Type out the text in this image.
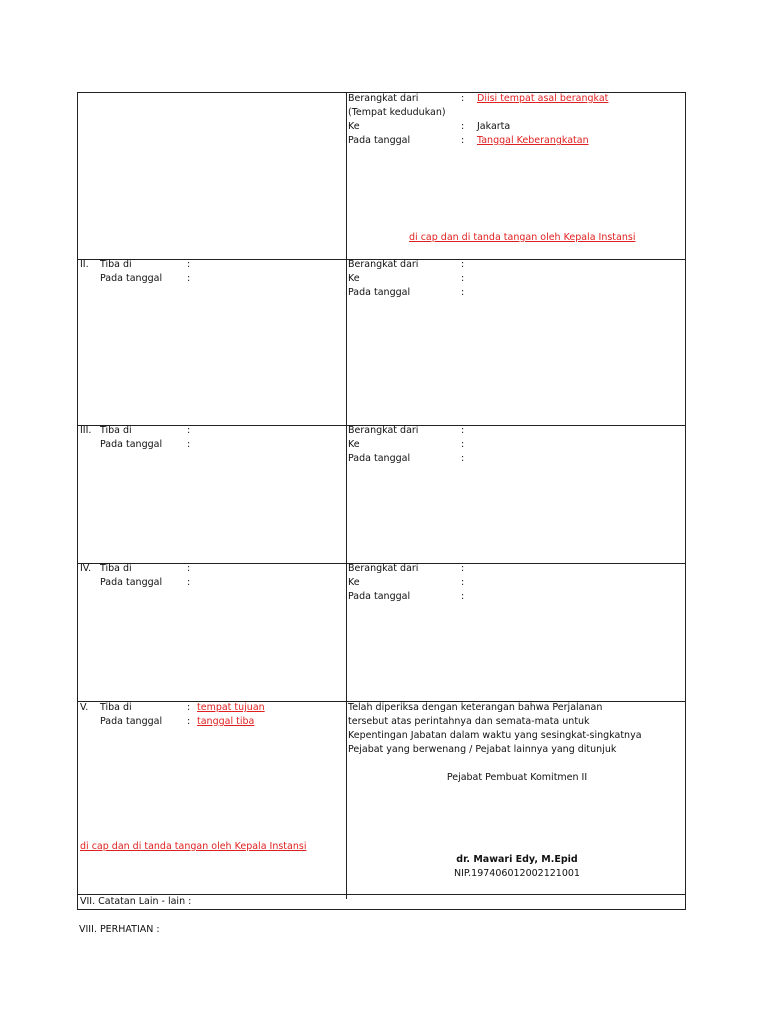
Berangkat dari	: Diisi tempat asal berangkat
(Tempat kedudukan)
Ke	: Jakarta
Pada tanggal	: Tanggal Keberangkatan
di cap dan di tanda tangan oleh Kepala Instansi
II. Tiba di	:
Pada tanggal	:
Berangkat dari	:
Ke	:
Pada tanggal	:
III. Tiba di	:
Pada tanggal	:
Berangkat dari	:
Ke	:
Pada tanggal	:
IV. Tiba di	:
Pada tanggal	:
Berangkat dari	:
Ke	:
Pada tanggal	:
V. Tiba di	: tempat tujuan
Pada tanggal	: tanggal tiba
di cap dan di tanda tangan oleh Kepala Instansi
Telah diperiksa dengan keterangan bahwa Perjalanan
tersebut atas perintahnya dan semata-mata untuk
Kepentingan Jabatan dalam waktu yang sesingkat-singkatnya
Pejabat yang berwenang / Pejabat lainnya yang ditunjuk
Pejabat Pembuat Komitmen II
dr. Mawari Edy, M.Epid
NIP.197406012002121001
VII. Catatan Lain - lain :
VIII. PERHATIAN :
